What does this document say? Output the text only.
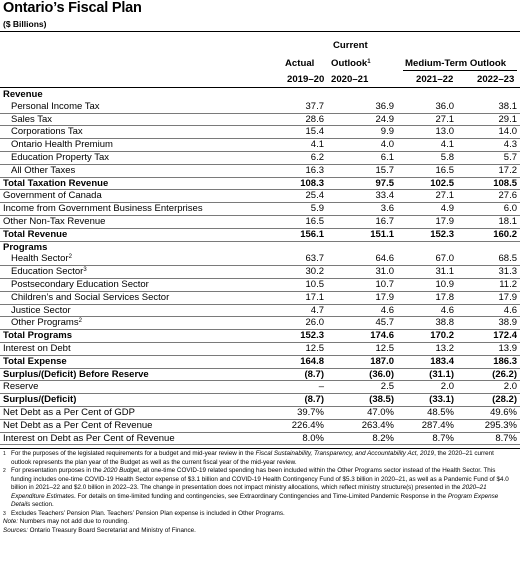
Ontario’s Fiscal Plan
($ Billions)
Current
Actual Outlook$^1$	Medium-Term Outlook
2019–20 2020–21	2021–22 2022–23
Revenue				
Personal Income Tax	37.7	36.9	36.0	38.1
Sales Tax	28.6	24.9	27.1	29.1
Corporations Tax	15.4	9.9	13.0	14.0
Ontario Health Premium	4.1	4.0	4.1	4.3
Education Property Tax	6.2	6.1	5.8	5.7
All Other Taxes	16.3	15.7	16.5	17.2
Total Taxation Revenue	108.3	97.5	102.5	108.5
Government of Canada	25.4	33.4	27.1	27.6
Income from Government Business Enterprises	5.9	3.6	4.9	6.0
Other Non-Tax Revenue	16.5	16.7	17.9	18.1
Total Revenue	156.1	151.1	152.3	160.2
Programs				
Health Sector$^2$	63.7	64.6	67.0	68.5
Education Sector$^3$	30.2	31.0	31.1	31.3
Postsecondary Education Sector	10.5	10.7	10.9	11.2
Children’s and Social Services Sector	17.1	17.9	17.8	17.9
Justice Sector	4.7	4.6	4.6	4.6
Other Programs$^2$	26.0	45.7	38.8	38.9
Total Programs	152.3	174.6	170.2	172.4
Interest on Debt	12.5	12.5	13.2	13.9
Total Expense	164.8	187.0	183.4	186.3
Surplus/(Deficit) Before Reserve	(8.7)	(36.0)	(31.1)	(26.2)
Reserve	–	2.5	2.0	2.0
Surplus/(Deficit)	(8.7)	(38.5)	(33.1)	(28.2)
Net Debt as a Per Cent of GDP	39.7%	47.0%	48.5%	49.6%
Net Debt as a Per Cent of Revenue	226.4%	263.4%	287.4%	295.3%
Interest on Debt as Per Cent of Revenue	8.0%	8.2%	8.7%	8.7%
1 For the purposes of the legislated requirements for a budget and mid-year review in the Fiscal Sustainability, Transparency, and Accountability Act, 2019, the 2020–21 current outlook represents the plan year of the Budget as well as the current fiscal year of the mid-year review.
2 For presentation purposes in the 2020 Budget, all one-time COVID-19 related spending has been included within the Other Programs sector instead of the Health Sector. This funding includes one-time COVID-19 Health Sector expense of $3.1 billion and COVID-19 Health Contingency Fund of $5.3 billion in 2020–21, as well as a Pandemic Fund of $4.0 billion in 2021–22 and $2.0 billion in 2022–23. The change in presentation does not impact ministry allocations, which reflect ministry structure(s) presented in the 2020–21 Expenditure Estimates. For details on time-limited funding and contingencies, see Extraordinary Contingencies and Time-Limited Pandemic Response in the Program Expense Details section.
3 Excludes Teachers’ Pension Plan. Teachers’ Pension Plan expense is included in Other Programs.
Note: Numbers may not add due to rounding.
Sources: Ontario Treasury Board Secretariat and Ministry of Finance.
